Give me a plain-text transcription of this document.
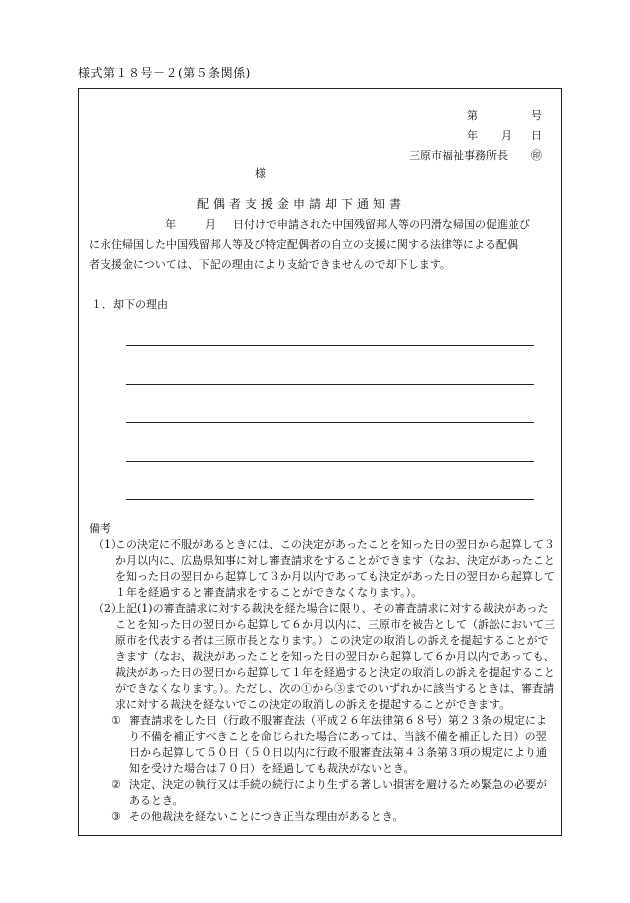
様式第１８号－２(第５条関係)
第	号
年 月 日
三原市福祉事務所長 ㊞
様
配偶者支援金申請却下通知書
年	月 日付けで申請された中国残留邦人等の円滑な帰国の促進並び
に永住帰国した中国残留邦人等及び特定配偶者の自立の支援に関する法律等による配偶
者支援金については、下記の理由により支給できませんので却下します。
１．却下の理由
備考
（1）
この決定に不服があるときには、この決定があったことを知った日の翌日から起算して３か月以内に、広島県知事に対し審査請求をすることができます（なお、決定があったことを知った日の翌日から起算して３か月以内であっても決定があった日の翌日から起算して１年を経過すると審査請求をすることができなくなります。）。
（2）
上記(1)の審査請求に対する裁決を経た場合に限り、その審査請求に対する裁決があったことを知った日の翌日から起算して６か月以内に、三原市を被告として（訴訟において三原市を代表する者は三原市長となります。）この決定の取消しの訴えを提起することができます（なお、裁決があったことを知った日の翌日から起算して６か月以内であっても、裁決があった日の翌日から起算して１年を経過すると決定の取消しの訴えを提起することができなくなります。）。ただし、次の①から③までのいずれかに該当するときは、審査請求に対する裁決を経ないでこの決定の取消しの訴えを提起することができます。
① 審査請求をした日（行政不服審査法（平成２６年法律第６８号）第２３条の規定により不備を補正すべきことを命じられた場合にあっては、当該不備を補正した日）の翌日から起算して５０日（５０日以内に行政不服審査法第４３条第３項の規定により通知を受けた場合は７０日）を経過しても裁決がないとき。
② 決定、決定の執行又は手続の続行により生ずる著しい損害を避けるため緊急の必要があるとき。
③ その他裁決を経ないことにつき正当な理由があるとき。
